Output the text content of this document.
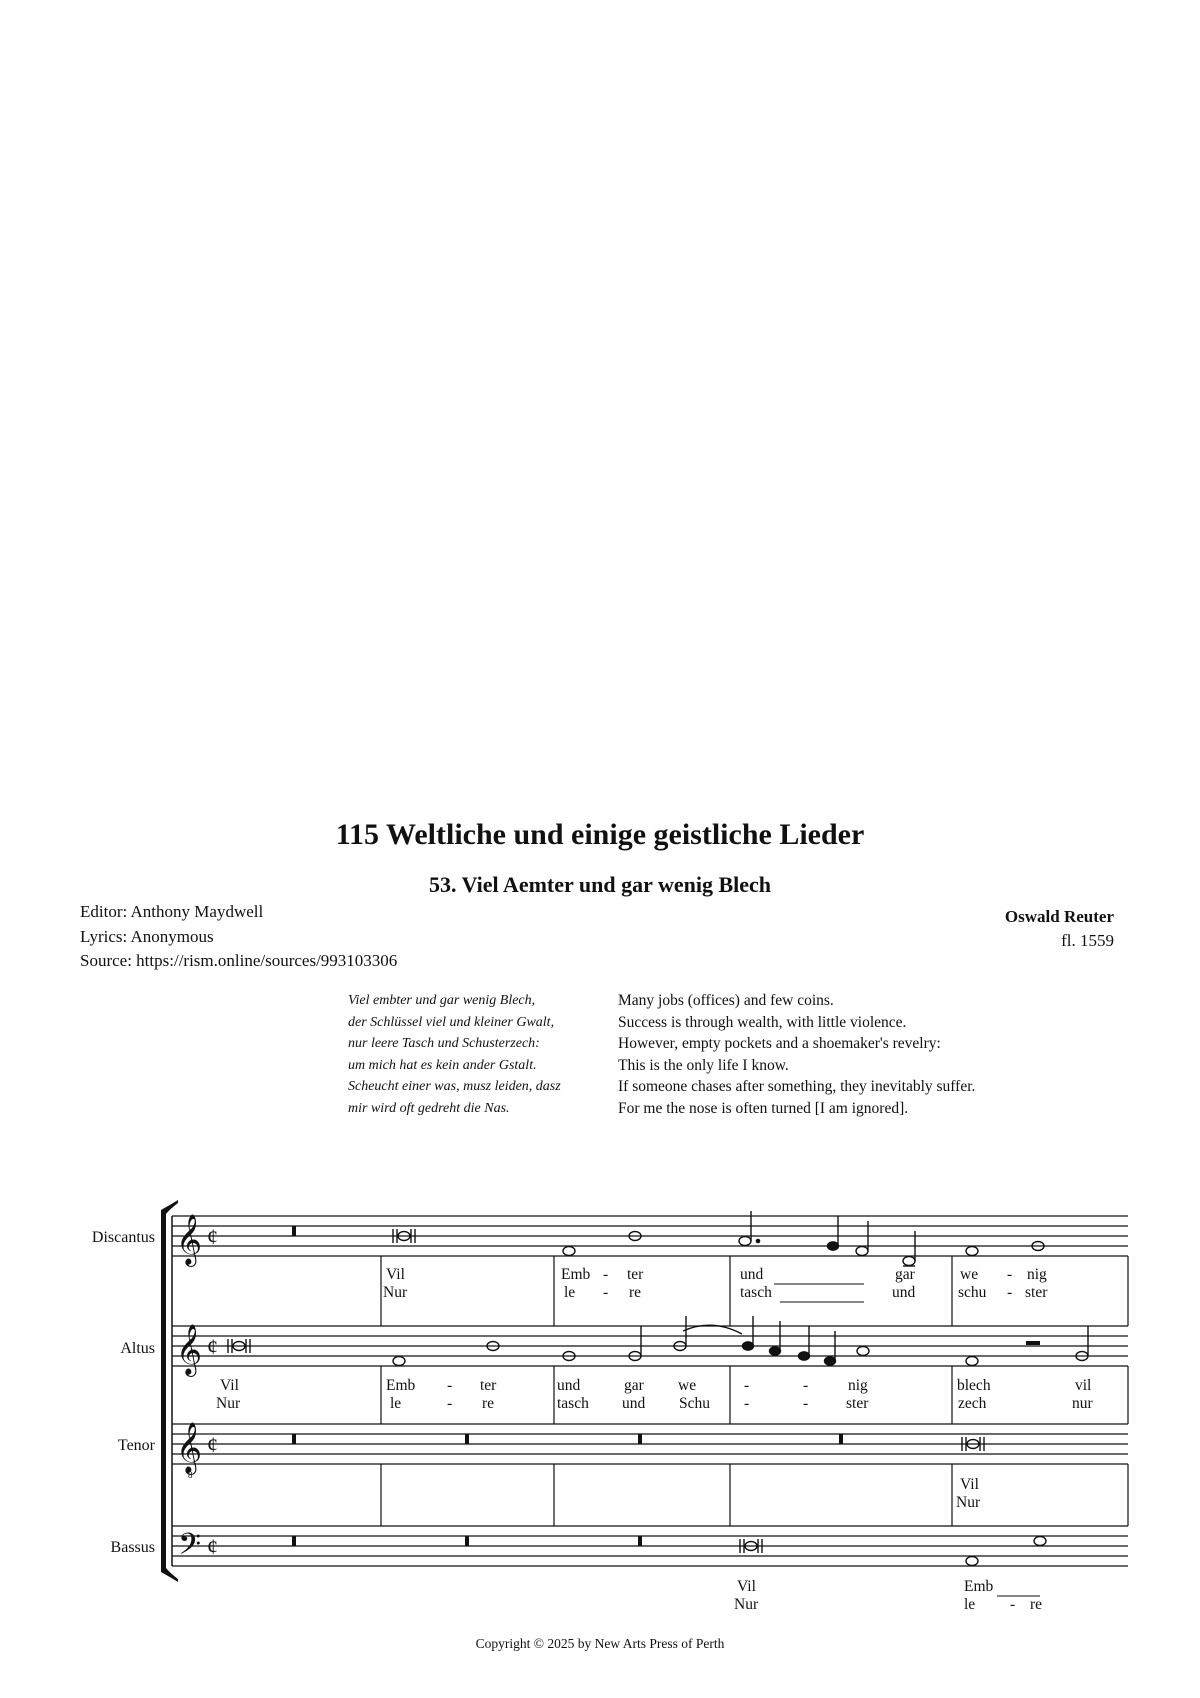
115 Weltliche und einige geistliche Lieder
53. Viel Aemter und gar wenig Blech
Editor: Anthony Maydwell
Lyrics: Anonymous
Source: https://rism.online/sources/993103306
Oswald Reuter
fl. 1559
Viel embter und gar wenig Blech,
der Schlüssel viel und kleiner Gwalt,
nur leere Tasch und Schusterzech:
um mich hat es kein ander Gstalt.
Scheucht einer was, musz leiden, dasz
mir wird oft gedreht die Nas.
Many jobs (offices) and few coins.
Success is through wealth, with little violence.
However, empty pockets and a shoemaker's revelry:
This is the only life I know.
If someone chases after something, they inevitably suffer.
For me the nose is often turned [I am ignored].
Discantus
Altus
Tenor
Bassus
𝄞
𝄞
𝄞
𝄢
8
¢
¢
¢
¢
Vil
Nur
Emb
le
-
-
ter
re
und
tasch
gar
und
we
schu
-
-
nig
ster
Vil
Nur
Emb
le
-
-
ter
re
und
tasch
gar
und
we
Schu
-
-
-
-
nig
ster
blech
zech
vil
nur
Vil
Nur
Vil
Nur
Emb
le - re
Copyright © 2025 by New Arts Press of Perth
